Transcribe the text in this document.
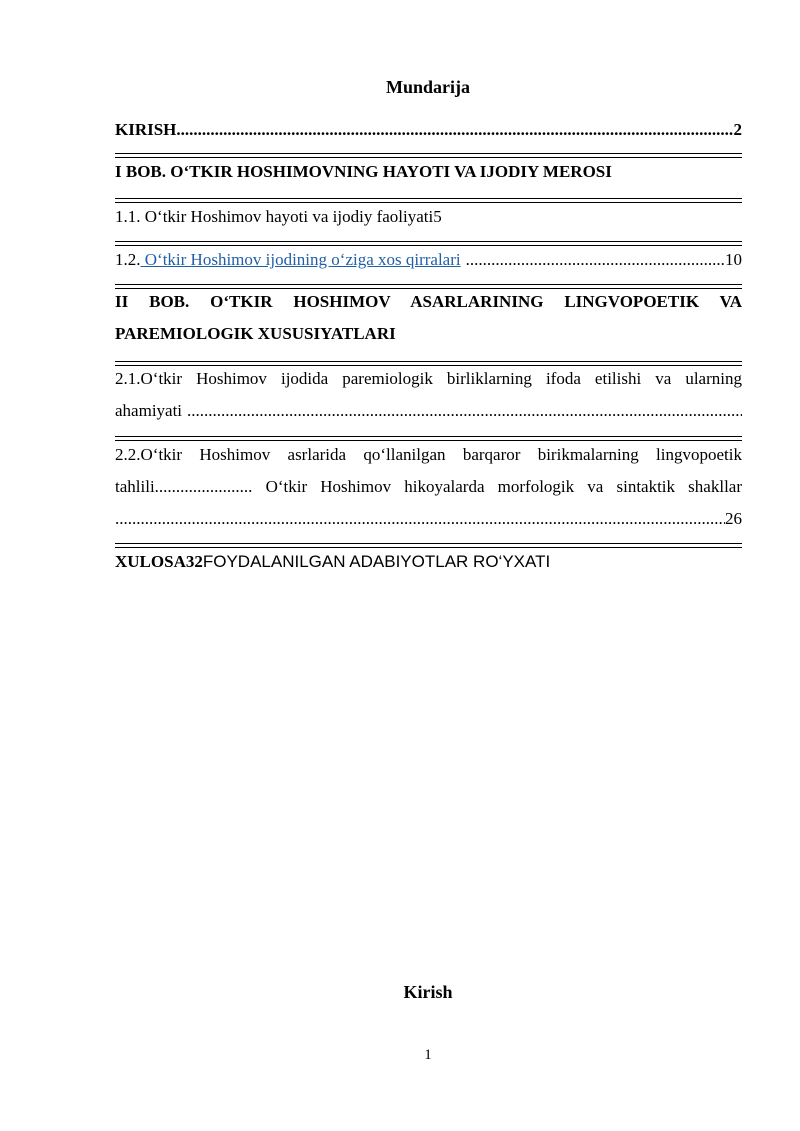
Mundarija
KIRISH .....	2
I BOB. O‘TKIR HOSHIMOVNING HAYOTI VA IJODIY MEROSI
1.1. O‘tkir Hoshimov hayoti va ijodiy faoliyati5
1.2. O‘tkir Hoshimov ijodining o‘ziga xos qirralari .....	10
II BOB. O‘TKIR HOSHIMOV ASARLARINING LINGVOPOETIK VA
PAREMIOLOGIK XUSUSIYATLARI
2.1.O‘tkir Hoshimov ijodida paremiologik birliklarning ifoda etilishi va ularning
ahamiyati
.....
2.2.O‘tkir Hoshimov asrlarida qo‘llanilgan barqaror birikmalarning lingvopoetik
tahlili....................... O‘tkir Hoshimov hikoyalarda morfologik va sintaktik shakllar
.....
26
XULOSA32FOYDALANILGAN ADABIYOTLAR RO‘YXATI
Kirish
1
